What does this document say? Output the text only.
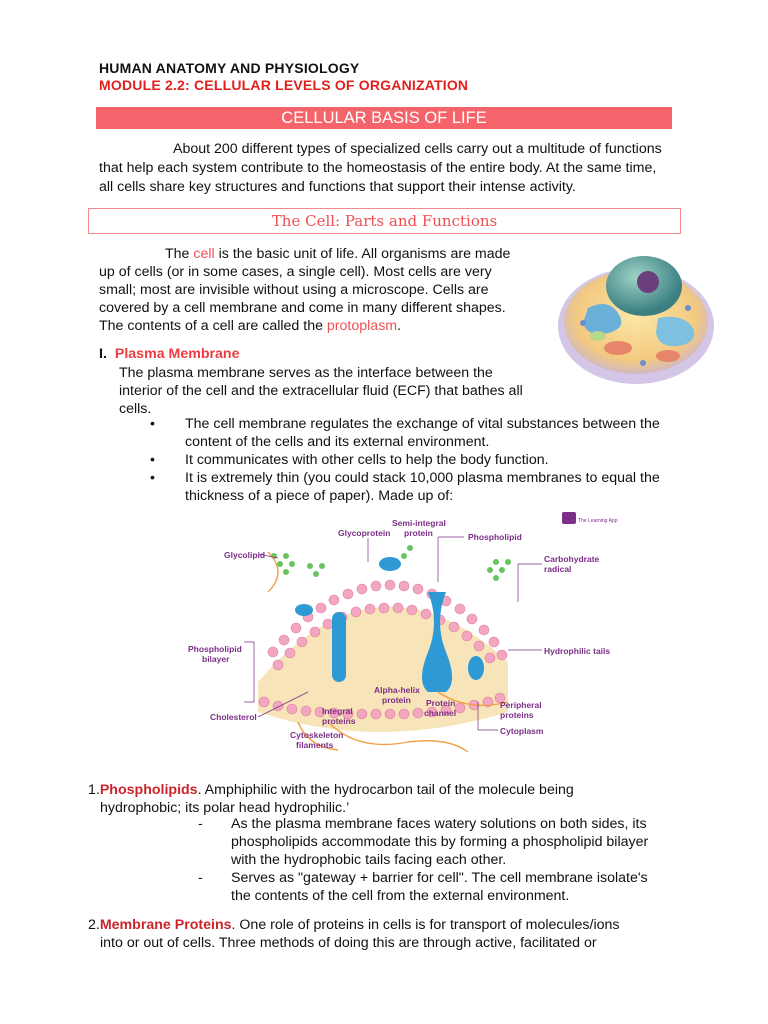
HUMAN ANATOMY AND PHYSIOLOGY
MODULE 2.2: CELLULAR LEVELS OF ORGANIZATION
CELLULAR BASIS OF LIFE

About 200 different types of specialized cells carry out a multitude of functions that help each system contribute to the homeostasis of the entire body. At the same time, all cells share key structures and functions that support their intense activity.

The Cell: Parts and Functions

The cell is the basic unit of life. All organisms are made up of cells (or in some cases, a single cell). Most cells are very small; most are invisible without using a microscope. Cells are covered by a cell membrane and come in many different shapes. The contents of a cell are called the protoplasm.

I. Plasma Membrane
The plasma membrane serves as the interface between the interior of the cell and the extracellular fluid (ECF) that bathes all cells.
• The cell membrane regulates the exchange of vital substances between the content of the cells and its external environment.
• It communicates with other cells to help the body function.
• It is extremely thin (you could stack 10,000 plasma membranes to equal the thickness of a piece of paper). Made up of:
Glycoprotein
Semi-integral
protein	Phospholipid
Glycolipid	Carbohydrate
radical
Phospholipid
bilayer
Hydrophilic tails
Alpha-helix
protein Protein
channel
Integral
proteins
Peripheral
proteins
Cholesterol
Cytoplasm
Cytoskeleton
filaments
The Learning App
1.Phospholipids. Amphiphilic with the hydrocarbon tail of the molecule being
hydrophobic; its polar head hydrophilic.’
- As the plasma membrane faces watery solutions on both sides, its phospholipids accommodate this by forming a phospholipid bilayer with the hydrophobic tails facing each other.
- Serves as "gateway + barrier for cell". The cell membrane isolate's the contents of the cell from the external environment.
2.Membrane Proteins. One role of proteins in cells is for transport of molecules/ions
into or out of cells. Three methods of doing this are through active, facilitated or
